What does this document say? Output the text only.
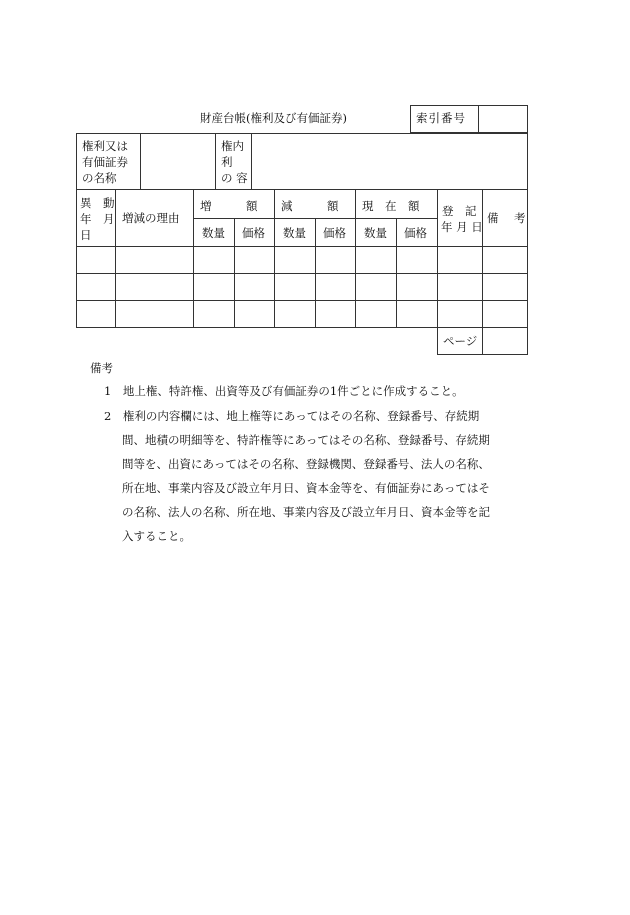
財産台帳(権利及び有価証券)	索引番号
権利又は
有価証券
の名称
権内
利
の 容
異　動
年　月
日
増減の理由
増　　　額 減　　　額 現　在　額
数量 価格 数量 価格 数量 価格
登　記
年 月 日
備　考
ページ
備考
1　地上権、特許権、出資等及び有価証券の1件ごとに作成すること。
2　権利の内容欄には、地上権等にあってはその名称、登録番号、存続期
間、地積の明細等を、特許権等にあってはその名称、登録番号、存続期
間等を、出資にあってはその名称、登録機関、登録番号、法人の名称、
所在地、事業内容及び設立年月日、資本金等を、有価証券にあってはそ
の名称、法人の名称、所在地、事業内容及び設立年月日、資本金等を記
入すること。
